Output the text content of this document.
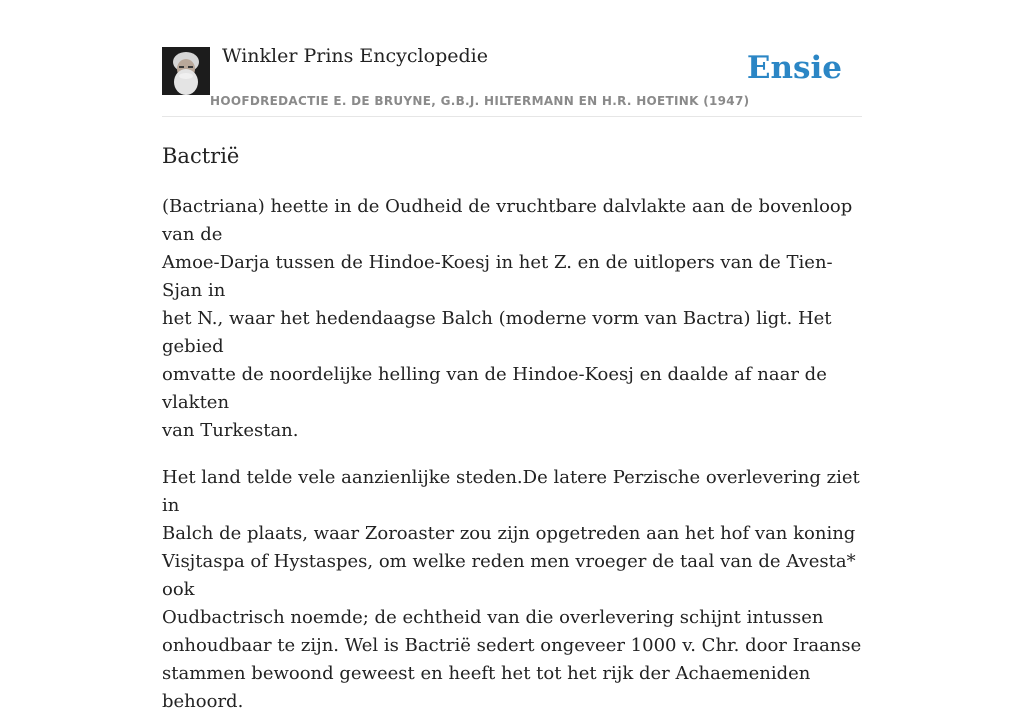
Winkler Prins Encyclopedie
HOOFDREDACTIE E. DE BRUYNE, G.B.J. HILTERMANN EN H.R. HOETINK (1947)
Ensie
Bactrië

(Bactriana) heette in de Oudheid de vruchtbare dalvlakte aan de bovenloop van de
Amoe-Darja tussen de Hindoe-Koesj in het Z. en de uitlopers van de Tien-Sjan in
het N., waar het hedendaagse Balch (moderne vorm van Bactra) ligt. Het gebied
omvatte de noordelijke helling van de Hindoe-Koesj en daalde af naar de vlakten
van Turkestan.

Het land telde vele aanzienlijke steden.De latere Perzische overlevering ziet in
Balch de plaats, waar Zoroaster zou zijn opgetreden aan het hof van koning
Visjtaspa of Hystaspes, om welke reden men vroeger de taal van de Avesta* ook
Oudbactrisch noemde; de echtheid van die overlevering schijnt intussen
onhoudbaar te zijn. Wel is Bactrië sedert ongeveer 1000 v. Chr. door Iraanse
stammen bewoond geweest en heeft het tot het rijk der Achaemeniden behoord.
